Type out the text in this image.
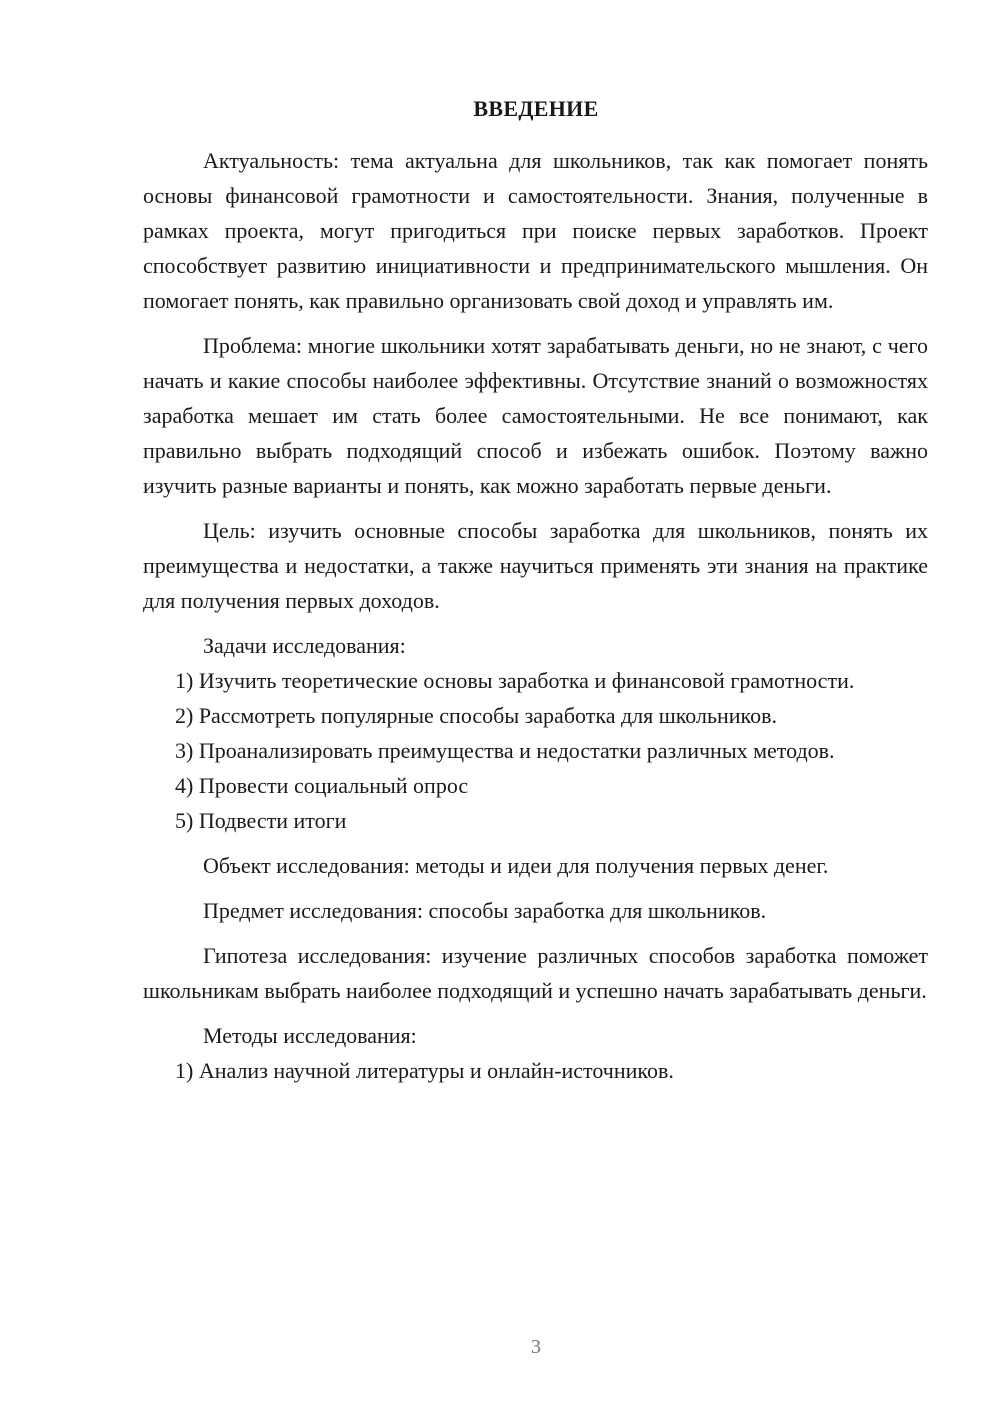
ВВЕДЕНИЕ

Актуальность: тема актуальна для школьников, так как помогает понять основы финансовой грамотности и самостоятельности. Знания, полученные в рамках проекта, могут пригодиться при поиске первых заработков. Проект способствует развитию инициативности и предпринимательского мышления. Он помогает понять, как правильно организовать свой доход и управлять им.

Проблема: многие школьники хотят зарабатывать деньги, но не знают, с чего начать и какие способы наиболее эффективны. Отсутствие знаний о возможностях заработка мешает им стать более самостоятельными. Не все понимают, как правильно выбрать подходящий способ и избежать ошибок. Поэтому важно изучить разные варианты и понять, как можно заработать первые деньги.

Цель: изучить основные способы заработка для школьников, понять их преимущества и недостатки, а также научиться применять эти знания на практике для получения первых доходов.

Задачи исследования:

1) Изучить теоретические основы заработка и финансовой грамотности.

2) Рассмотреть популярные способы заработка для школьников.

3) Проанализировать преимущества и недостатки различных методов.

4) Провести социальный опрос

5) Подвести итоги

Объект исследования: методы и идеи для получения первых денег.

Предмет исследования: способы заработка для школьников.

Гипотеза исследования: изучение различных способов заработка поможет школьникам выбрать наиболее подходящий и успешно начать зарабатывать деньги.

Методы исследования:

1) Анализ научной литературы и онлайн-источников.

3
